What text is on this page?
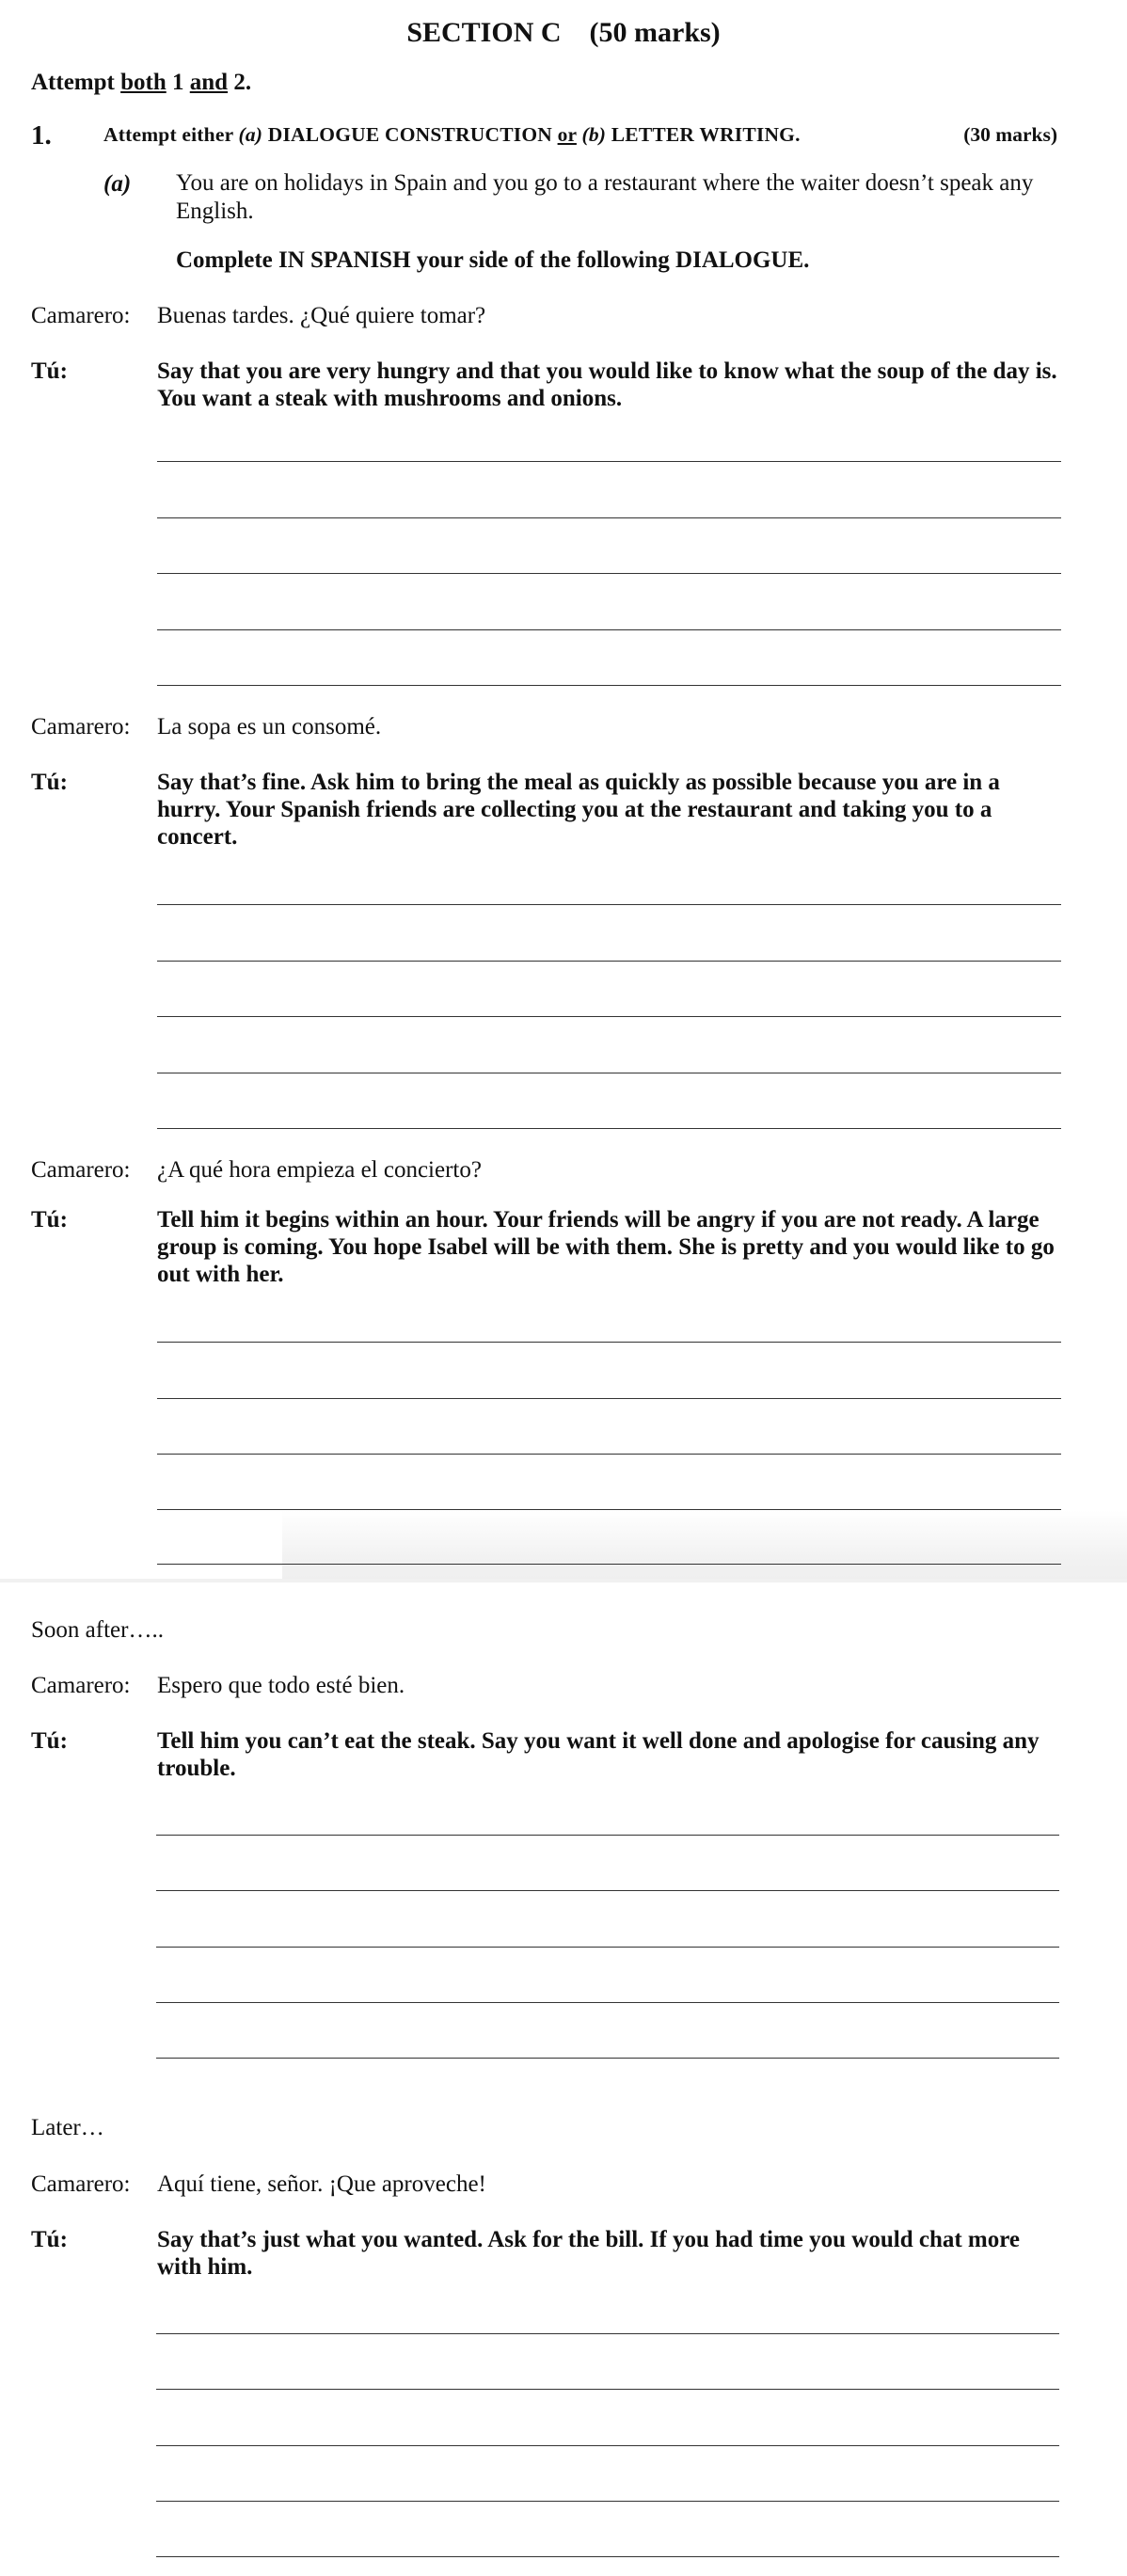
SECTION C (50 marks)
Attempt both 1 and 2.
1.	Attempt either (a) DIALOGUE CONSTRUCTION or (b) LETTER WRITING.	(30 marks)
(a) You are on holidays in Spain and you go to a restaurant where the waiter doesn’t speak any English.
Complete IN SPANISH your side of the following DIALOGUE.
Camarero: Buenas tardes. ¿Qué quiere tomar?
Tú:	Say that you are very hungry and that you would like to know what the soup of the day is. You want a steak with mushrooms and onions.
Camarero: La sopa es un consomé.
Tú:	Say that’s fine. Ask him to bring the meal as quickly as possible because you are in a hurry. Your Spanish friends are collecting you at the restaurant and taking you to a concert.
Camarero: ¿A qué hora empieza el concierto?
Tú:	Tell him it begins within an hour. Your friends will be angry if you are not ready. A large group is coming. You hope Isabel will be with them. She is pretty and you would like to go out with her.
Soon after…..
Camarero: Espero que todo esté bien.
Tú:	Tell him you can’t eat the steak. Say you want it well done and apologise for causing any trouble.
Later…
Camarero: Aquí tiene, señor. ¡Que aproveche!
Tú:	Say that’s just what you wanted. Ask for the bill. If you had time you would chat more with him.
